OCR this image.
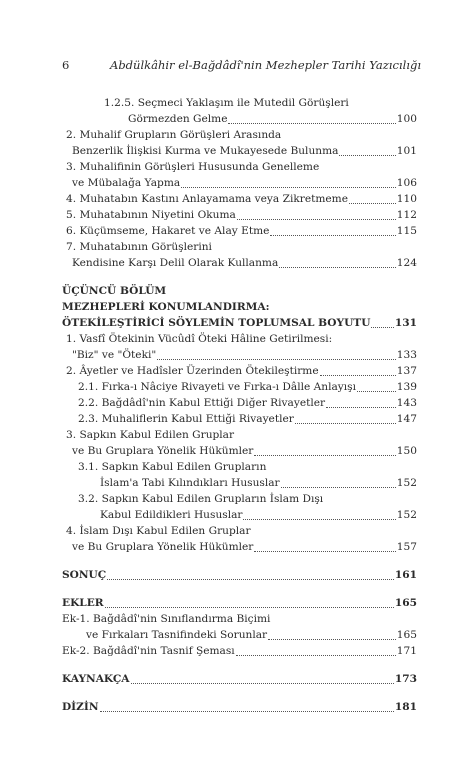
6	Abdülkâhir el-Bağdâdî'nin Mezhepler Tarihi Yazıcılığı
1.2.5. Seçmeci Yaklaşım ile Mutedil Görüşleri
Görmezden Gelme	100
2. Muhalif Grupların Görüşleri Arasında
Benzerlik İlişkisi Kurma ve Mukayesede Bulunma	101
3. Muhalifinin Görüşleri Hususunda Genelleme
ve Mübalağa Yapma	106
4. Muhatabın Kastını Anlayamama veya Zikretmeme	110
5. Muhatabının Niyetini Okuma	112
6. Küçümseme, Hakaret ve Alay Etme	115
7. Muhatabının Görüşlerini
Kendisine Karşı Delil Olarak Kullanma	124
ÜÇÜNCÜ BÖLÜM
MEZHEPLERİ KONUMLANDIRMA:
ÖTEKİLEŞTİRİCİ SÖYLEMİN TOPLUMSAL BOYUTU 131
1. Vasfî Ötekinin Vücûdî Öteki Hâline Getirilmesi:
"Biz" ve "Öteki"	133
2. Âyetler ve Hadîsler Üzerinden Ötekileştirme	137
2.1. Fırka-ı Nâciye Rivayeti ve Fırka-ı Dâlle Anlayışı	139
2.2. Bağdâdî'nin Kabul Ettiği Diğer Rivayetler	143
2.3. Muhaliflerin Kabul Ettiği Rivayetler	147
3. Sapkın Kabul Edilen Gruplar
ve Bu Gruplara Yönelik Hükümler	150
3.1. Sapkın Kabul Edilen Grupların
İslam'a Tabi Kılındıkları Hususlar	152
3.2. Sapkın Kabul Edilen Grupların İslam Dışı
Kabul Edildikleri Hususlar	152
4. İslam Dışı Kabul Edilen Gruplar
ve Bu Gruplara Yönelik Hükümler	157
SONUÇ	161
EKLER	165
Ek-1. Bağdâdî'nin Sınıflandırma Biçimi
ve Fırkaları Tasnifindeki Sorunlar	165
Ek-2. Bağdâdî'nin Tasnif Şeması	171
KAYNAKÇA	173
DİZİN	181
